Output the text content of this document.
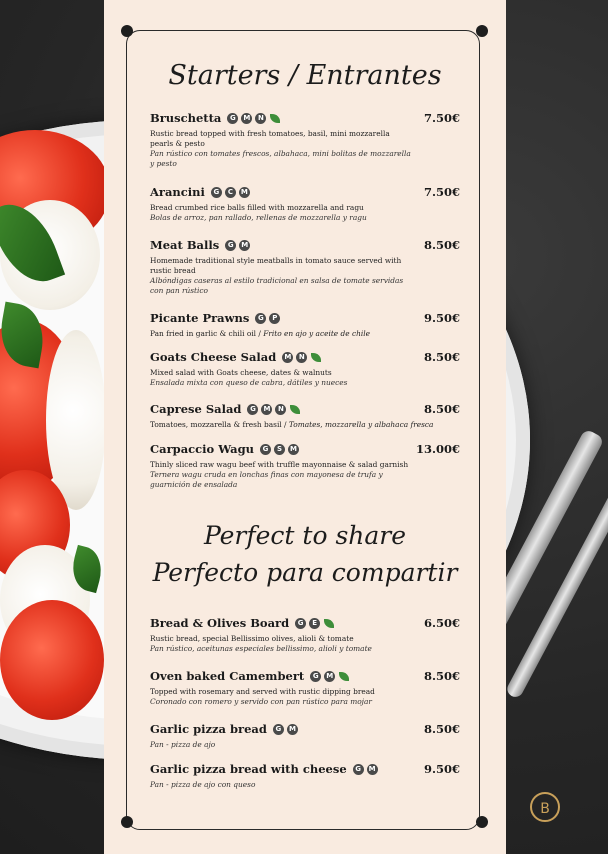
Starters / Entrantes
Bruschetta	G	M	N	7.50€
Rustic bread topped with fresh tomatoes, basil, mini mozzarella pearls & pesto
Pan rústico con tomates frescos, albahaca, mini bolitas de mozzarella y pesto
Arancini	G	C	M	7.50€
Bread crumbed rice balls filled with mozzarella and ragu
Bolas de arroz, pan rallado, rellenas de mozzarella y ragu
Meat Balls	G	M	8.50€
Homemade traditional style meatballs in tomato sauce served with rustic bread
Albóndigas caseras al estilo tradicional en salsa de tomate servidas con pan rústico
Picante Prawns	G	P	9.50€
Pan fried in garlic & chili oil / Frito en ajo y aceite de chile
Goats Cheese Salad M	N	8.50€
Mixed salad with Goats cheese, dates & walnuts
Ensalada mixta con queso de cabra, dátiles y nueces
Caprese Salad	G	M	N	8.50€
Tomatoes, mozzarella & fresh basil / Tomates, mozzarella y albahaca fresca
Carpaccio Wagu	G	S	M	13.00€
Thinly sliced raw wagu beef with truffle mayonnaise & salad garnish
Ternera wagu cruda en lonchas finas con mayonesa de trufa y guarnición de ensalada
Perfect to share
Perfecto para compartir
Bread & Olives Board	G	E	6.50€
Rustic bread, special Bellissimo olives, alioli & tomate
Pan rústico, aceitunas especiales bellissimo, alioli y tomate
Oven baked Camembert	G	M	8.50€
Topped with rosemary and served with rustic dipping bread
Coronado con romero y servido con pan rústico para mojar
Garlic pizza bread	G	M	8.50€
Pan - pizza de ajo
Garlic pizza bread with cheese	G	M	9.50€
Pan - pizza de ajo con queso
B
